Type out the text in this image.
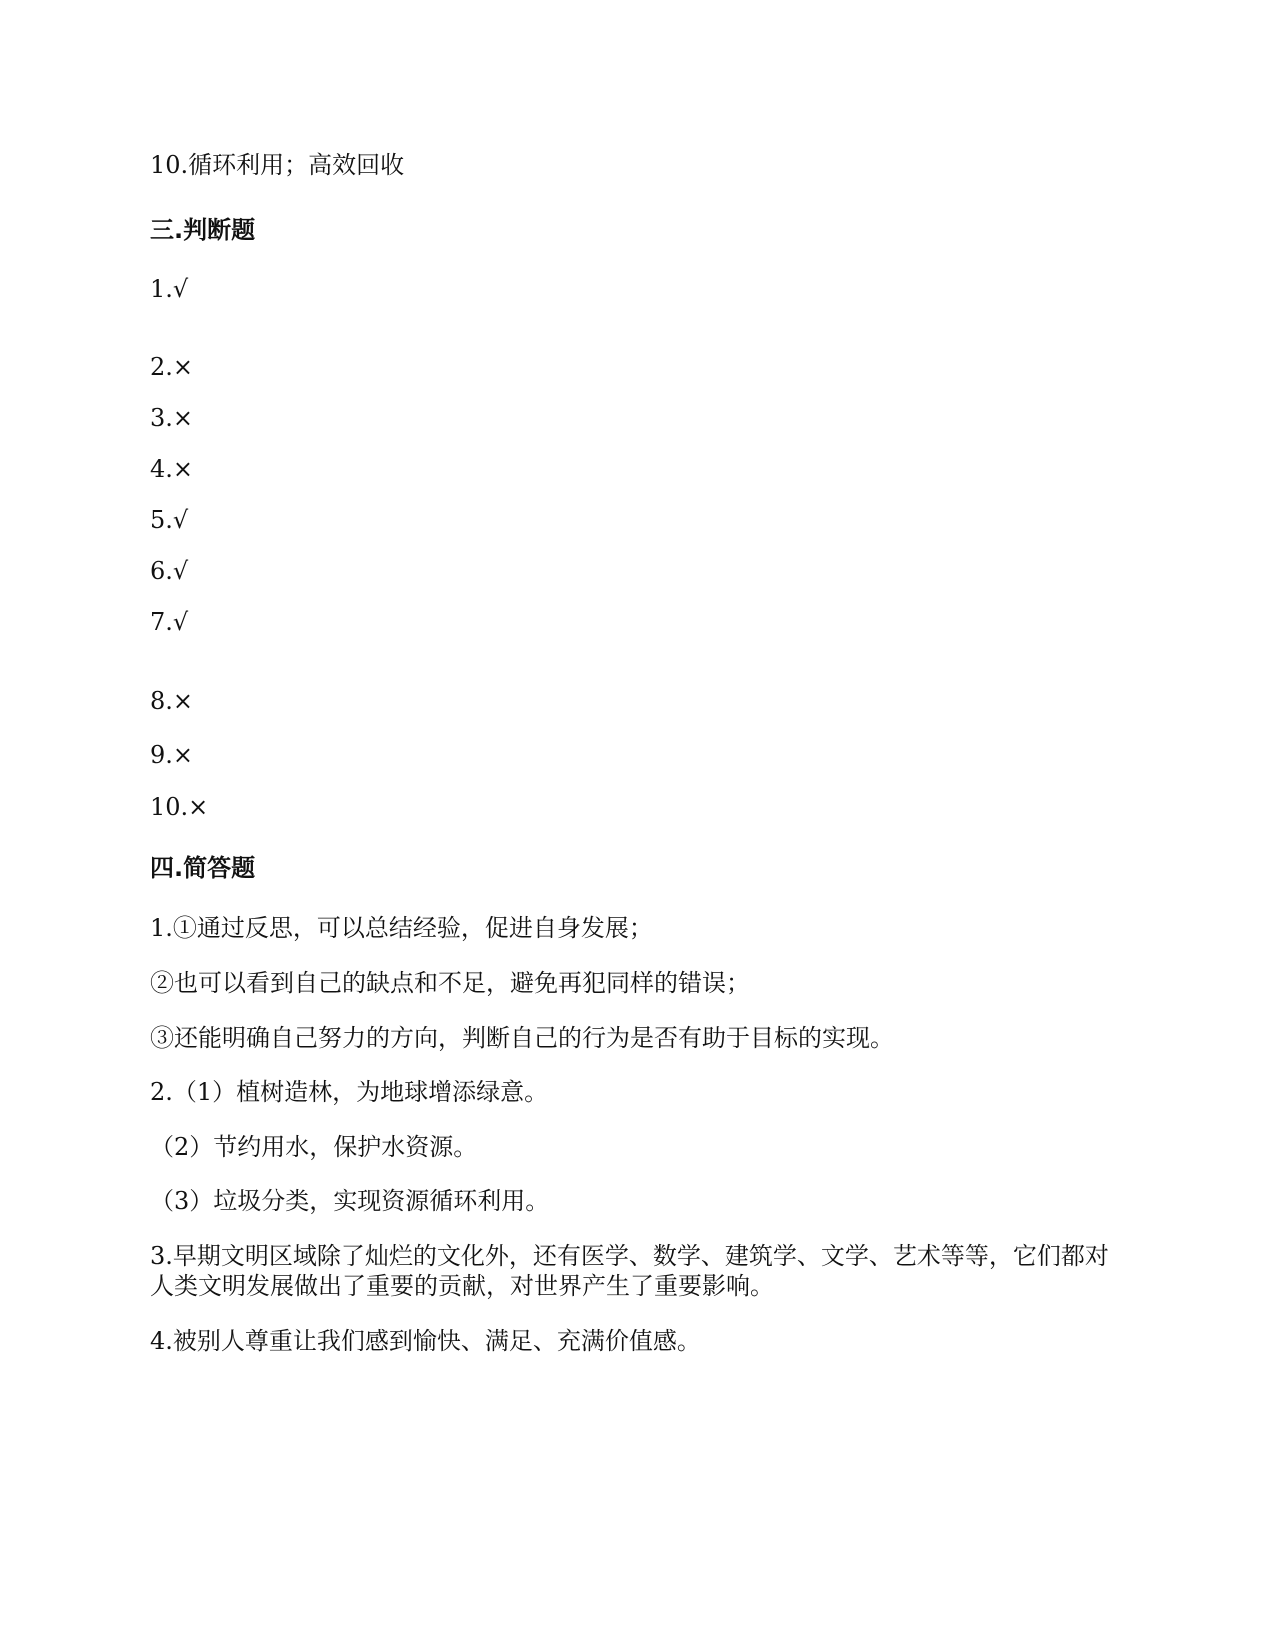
10.循环利用；高效回收
三.判断题
1.√
2.×
3.×
4.×
5.√
6.√
7.√
8.×
9.×
10.×
四.简答题
1.①通过反思，可以总结经验，促进自身发展；
②也可以看到自己的缺点和不足，避免再犯同样的错误；
③还能明确自己努力的方向，判断自己的行为是否有助于目标的实现。
2.（1）植树造林，为地球增添绿意。
（2）节约用水，保护水资源。
（3）垃圾分类，实现资源循环利用。
3.早期文明区域除了灿烂的文化外，还有医学、数学、建筑学、文学、艺术等等，它们都对人类文明发展做出了重要的贡献，对世界产生了重要影响。
4.被别人尊重让我们感到愉快、满足、充满价值感。
